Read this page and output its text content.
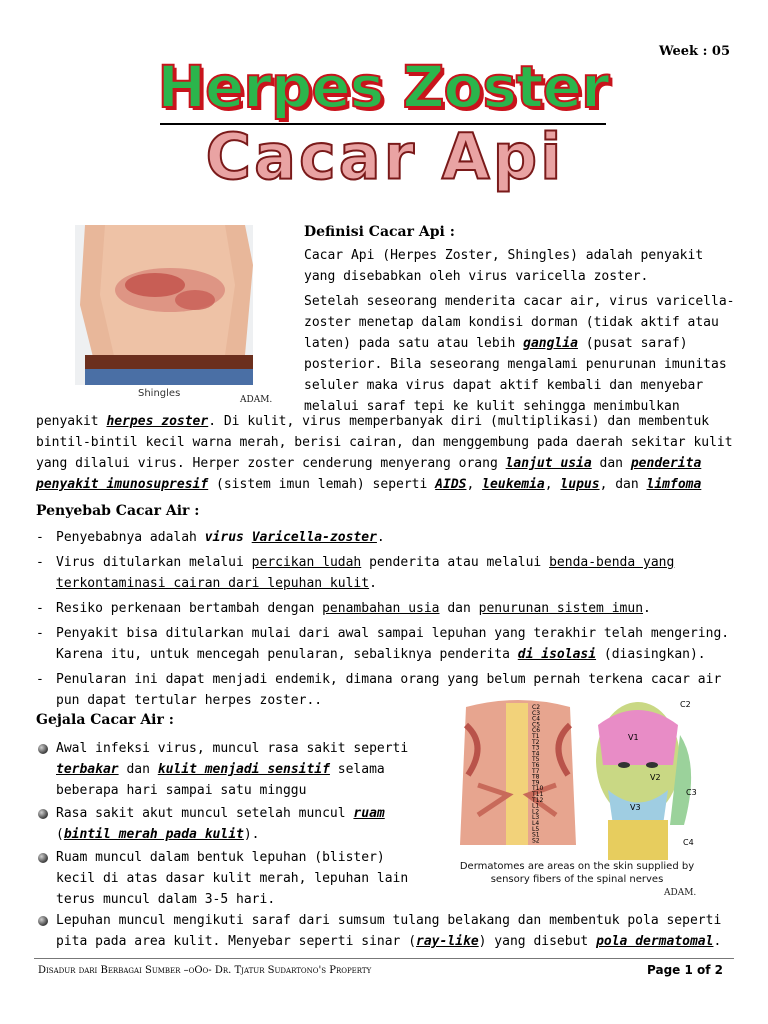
Week : 05
Herpes Zoster
Cacar Api
Shingles
ADAM.
Definisi Cacar Api :
Cacar Api (Herpes Zoster, Shingles) adalah penyakit yang disebabkan oleh virus varicella zoster.
Setelah seseorang menderita cacar air, virus varicella-
zoster menetap dalam kondisi dorman (tidak aktif atau
laten) pada satu atau lebih ganglia (pusat saraf)
posterior. Bila seseorang mengalami penurunan imunitas
seluler maka virus dapat aktif kembali dan menyebar
melalui saraf tepi ke kulit sehingga menimbulkan
penyakit herpes zoster. Di kulit, virus memperbanyak diri (multiplikasi) dan membentuk
bintil-bintil kecil warna merah, berisi cairan, dan menggembung pada daerah sekitar kulit
yang dilalui virus. Herper zoster cenderung menyerang orang lanjut usia dan penderita
penyakit imunosupresif (sistem imun lemah) seperti AIDS, leukemia, lupus, dan limfoma
Penyebab Cacar Air :
- Penyebabnya adalah virus Varicella-zoster.
- Virus ditularkan melalui percikan ludah penderita atau melalui benda-benda yang
terkontaminasi cairan dari lepuhan kulit.
- Resiko perkenaan bertambah dengan penambahan usia dan penurunan sistem imun.
- Penyakit bisa ditularkan mulai dari awal sampai lepuhan yang terakhir telah mengering. Karena itu, untuk mencegah penularan, sebaliknya penderita di isolasi (diasingkan).
- Penularan ini dapat menjadi endemik, dimana orang yang belum pernah terkena cacar air pun dapat tertular herpes zoster..
Gejala Cacar Air :
Awal infeksi virus, muncul rasa sakit seperti terbakar dan kulit menjadi sensitif selama beberapa hari sampai satu minggu
Rasa sakit akut muncul setelah muncul ruam (bintil merah pada kulit).
Ruam muncul dalam bentuk lepuhan (blister) kecil di atas dasar kulit merah, lepuhan lain terus muncul dalam 3-5 hari.
Lepuhan muncul mengikuti saraf dari sumsum tulang belakang dan membentuk pola seperti pita pada area kulit. Menyebar seperti sinar (ray-like) yang disebut pola dermatomal.
C2
C3
C4
C5
C6
T1
T2
T3
T4
T5
T6
T7
T8
T9
T10
T11
T12
L1
L2
L3
L4
L5
S1
S2
V1
V2
V3
C2
C3
C4
Dermatomes are areas on the skin supplied by sensory fibers of the spinal nerves
ADAM.
Disadur dari Berbagai Sumber –oOo- Dr. Tjatur Sudartono's Property	Page 1 of 2
